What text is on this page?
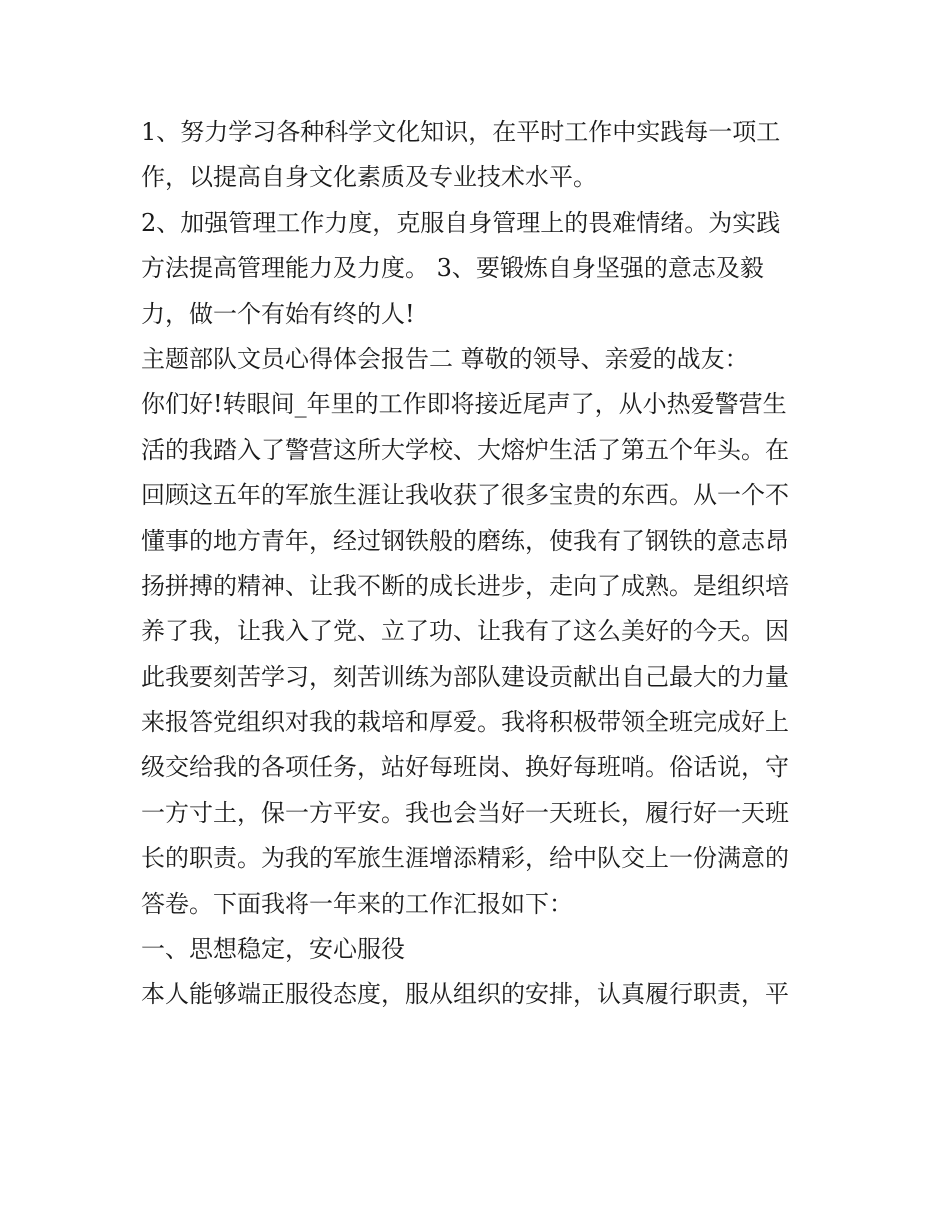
1、努力学习各种科学文化知识，在平时工作中实践每一项工
作，以提高自身文化素质及专业技术水平。
2、加强管理工作力度，克服自身管理上的畏难情绪。为实践
方法提高管理能力及力度。 3、要锻炼自身坚强的意志及毅
力，做一个有始有终的人!
主题部队文员心得体会报告二 尊敬的领导、亲爱的战友：
你们好!转眼间_年里的工作即将接近尾声了，从小热爱警营生
活的我踏入了警营这所大学校、大熔炉生活了第五个年头。在
回顾这五年的军旅生涯让我收获了很多宝贵的东西。从一个不
懂事的地方青年，经过钢铁般的磨练，使我有了钢铁的意志昂
扬拼搏的精神、让我不断的成长进步，走向了成熟。是组织培
养了我，让我入了党、立了功、让我有了这么美好的今天。因
此我要刻苦学习，刻苦训练为部队建设贡献出自己最大的力量
来报答党组织对我的栽培和厚爱。我将积极带领全班完成好上
级交给我的各项任务，站好每班岗、换好每班哨。俗话说，守
一方寸土，保一方平安。我也会当好一天班长，履行好一天班
长的职责。为我的军旅生涯增添精彩，给中队交上一份满意的
答卷。下面我将一年来的工作汇报如下：
一、思想稳定，安心服役
本人能够端正服役态度，服从组织的安排，认真履行职责，平
